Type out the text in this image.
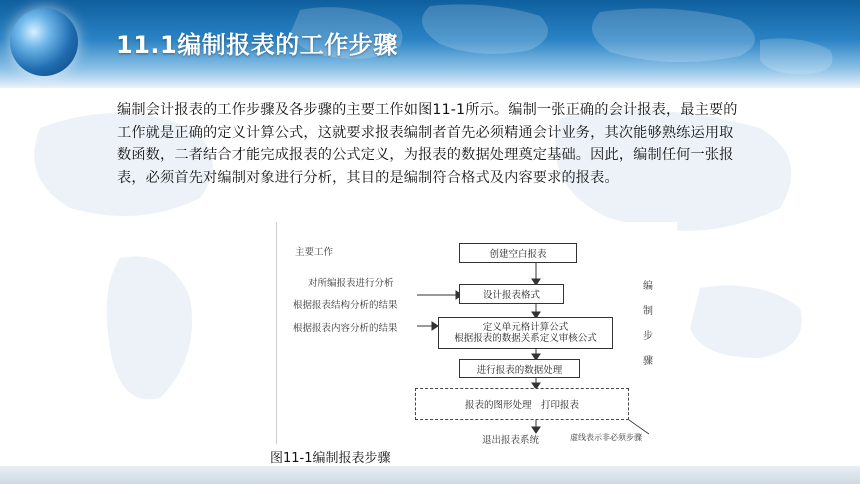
11.1编制报表的工作步骤

编制会计报表的工作步骤及各步骤的主要工作如图11-1所示。编制一张正确的会计报表，最主要的工作就是正确的定义计算公式，这就要求报表编制者首先必须精通会计业务，其次能够熟练运用取数函数，二者结合才能完成报表的公式定义，为报表的数据处理奠定基础。因此，编制任何一张报表，必须首先对编制对象进行分析，其目的是编制符合格式及内容要求的报表。

主要工作
对所编报表进行分析
根据报表结构分析的结果
根据报表内容分析的结果
创建空白报表
设计报表格式
定义单元格计算公式
根据报表的数据关系定义审核公式
进行报表的数据处理
报表的图形处理　打印报表
退出报表系统	虚线表示非必须步骤
编
制
步
骤

图11-1编制报表步骤
